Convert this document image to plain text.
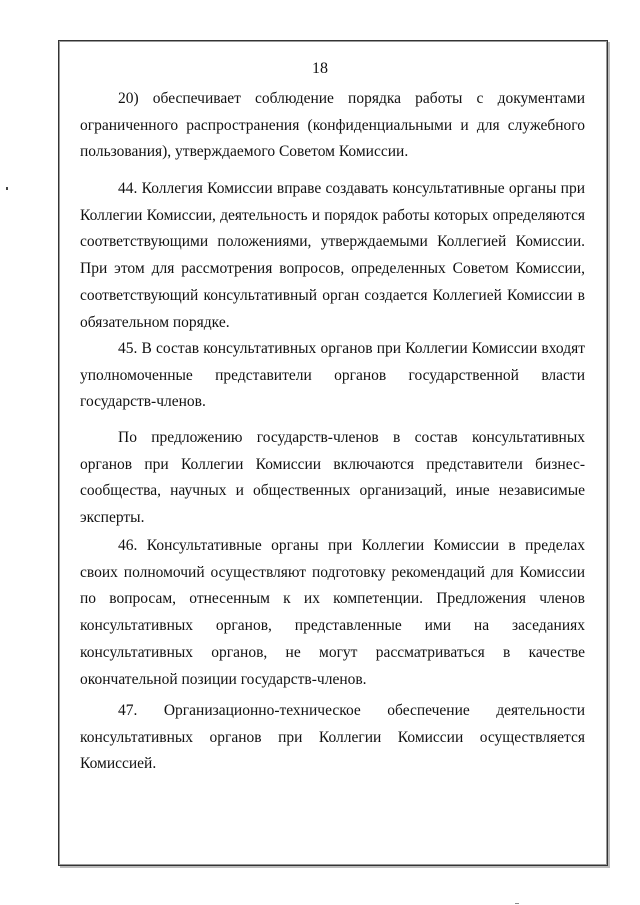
18

20) обеспечивает соблюдение порядка работы с документами ограниченного распространения (конфиденциальными и для служебного пользования), утверждаемого Советом Комиссии.

44. Коллегия Комиссии вправе создавать консультативные органы при Коллегии Комиссии, деятельность и порядок работы которых определяются соответствующими положениями, утверждаемыми Коллегией Комиссии. При этом для рассмотрения вопросов, определенных Советом Комиссии, соответствующий консультативный орган создается Коллегией Комиссии в обязательном порядке.

45. В состав консультативных органов при Коллегии Комиссии входят уполномоченные представители органов государственной власти государств-членов.

По предложению государств-членов в состав консультативных органов при Коллегии Комиссии включаются представители бизнес-сообщества, научных и общественных организаций, иные независимые эксперты.

46. Консультативные органы при Коллегии Комиссии в пределах своих полномочий осуществляют подготовку рекомендаций для Комиссии по вопросам, отнесенным к их компетенции. Предложения членов консультативных органов, представленные ими на заседаниях консультативных органов, не могут рассматриваться в качестве окончательной позиции государств-членов.

47. Организационно-техническое обеспечение деятельности консультативных органов при Коллегии Комиссии осуществляется Комиссией.
